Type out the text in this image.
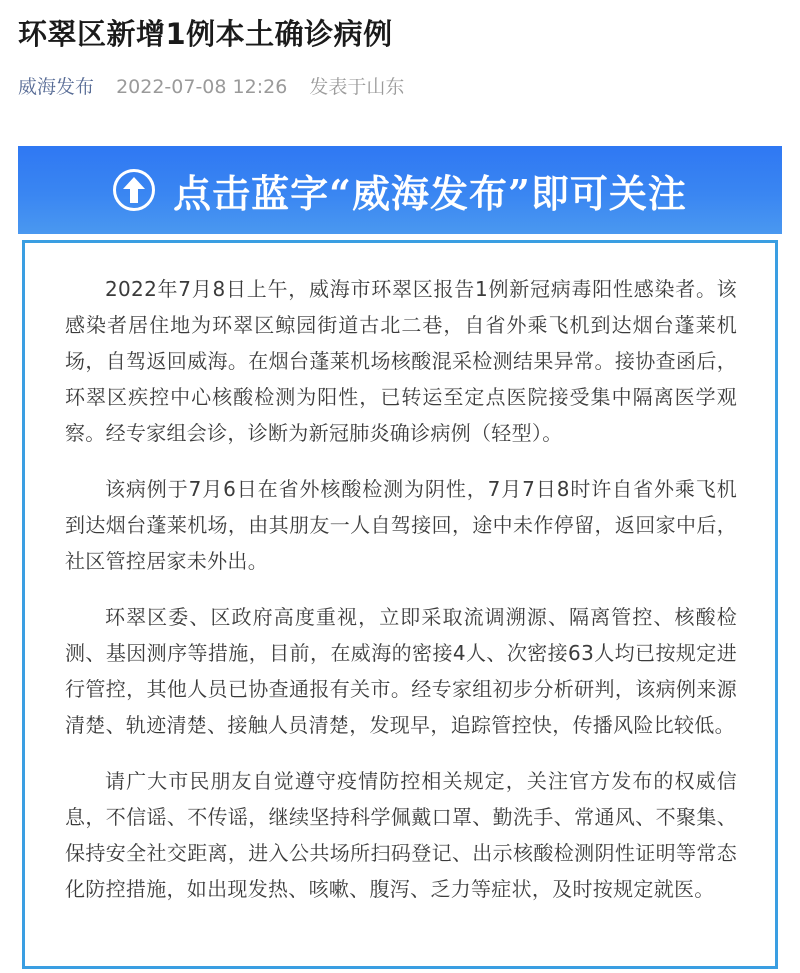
环翠区新增1例本土确诊病例
威海发布 2022-07-08 12:26 发表于山东
点击蓝字“威海发布”即可关注

2022年7月8日上午，威海市环翠区报告1例新冠病毒阳性感染者。该感染者居住地为环翠区鲸园街道古北二巷，自省外乘飞机到达烟台蓬莱机场，自驾返回威海。在烟台蓬莱机场核酸混采检测结果异常。接协查函后，环翠区疾控中心核酸检测为阳性，已转运至定点医院接受集中隔离医学观察。经专家组会诊，诊断为新冠肺炎确诊病例（轻型）。

该病例于7月6日在省外核酸检测为阴性，7月7日8时许自省外乘飞机到达烟台蓬莱机场，由其朋友一人自驾接回，途中未作停留，返回家中后，社区管控居家未外出。

环翠区委、区政府高度重视，立即采取流调溯源、隔离管控、核酸检测、基因测序等措施，目前，在威海的密接4人、次密接63人均已按规定进行管控，其他人员已协查通报有关市。经专家组初步分析研判，该病例来源清楚、轨迹清楚、接触人员清楚，发现早，追踪管控快，传播风险比较低。

请广大市民朋友自觉遵守疫情防控相关规定，关注官方发布的权威信息，不信谣、不传谣，继续坚持科学佩戴口罩、勤洗手、常通风、不聚集、保持安全社交距离，进入公共场所扫码登记、出示核酸检测阴性证明等常态化防控措施，如出现发热、咳嗽、腹泻、乏力等症状，及时按规定就医。
